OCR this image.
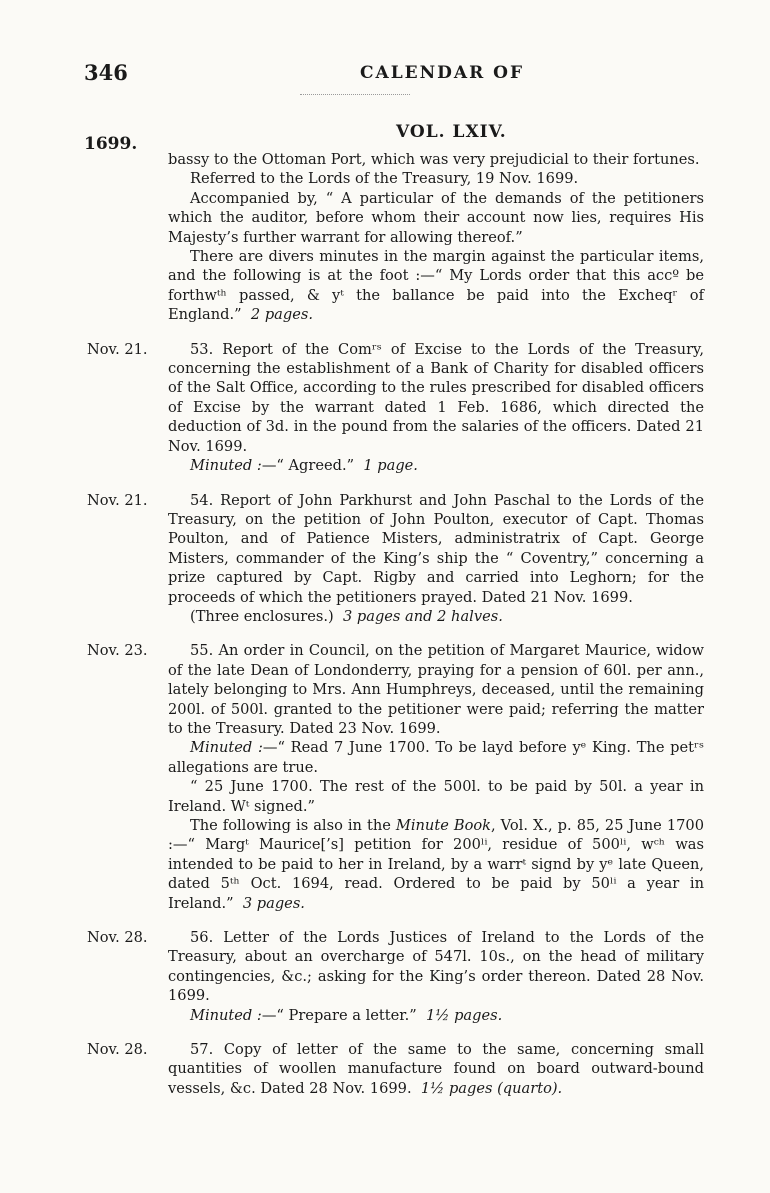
346	CALENDAR OF
VOL. LXIV.
1699.

bassy to the Ottoman Port, which was very prejudicial to their fortunes.

Referred to the Lords of the Treasury, 19 Nov. 1699.

Accompanied by, “ A particular of the demands of the petitioners which the auditor, before whom their account now lies, requires His Majesty’s further warrant for allowing thereof.”

There are divers minutes in the margin against the particular items, and the following is at the foot :—“ My Lords order that this accº be forthwᵗʰ passed, & yᵗ the ballance be paid into the Excheqʳ of England.” 2 pages.

Nov. 21.	53. Report of the Comʳˢ of Excise to the Lords of the Treasury, concerning the establishment of a Bank of Charity for disabled officers of the Salt Office, according to the rules prescribed for disabled officers of Excise by the warrant dated 1 Feb. 1686, which directed the deduction of 3d. in the pound from the salaries of the officers. Dated 21 Nov. 1699.

Minuted :—“ Agreed.” 1 page.

Nov. 21.	54. Report of John Parkhurst and John Paschal to the Lords of the Treasury, on the petition of John Poulton, executor of Capt. Thomas Poulton, and of Patience Misters, administratrix of Capt. George Misters, commander of the King’s ship the “ Coventry,” concerning a prize captured by Capt. Rigby and carried into Leghorn; for the proceeds of which the petitioners prayed. Dated 21 Nov. 1699.

(Three enclosures.) 3 pages and 2 halves.

Nov. 23.	55. An order in Council, on the petition of Margaret Maurice, widow of the late Dean of Londonderry, praying for a pension of 60l. per ann., lately belonging to Mrs. Ann Humphreys, deceased, until the remaining 200l. of 500l. granted to the petitioner were paid; referring the matter to the Treasury. Dated 23 Nov. 1699.

Minuted :—“ Read 7 June 1700. To be layd before yᵉ King. The petʳˢ allegations are true.

“ 25 June 1700. The rest of the 500l. to be paid by 50l. a year in Ireland. Wᵗ signed.”

The following is also in the Minute Book, Vol. X., p. 85, 25 June 1700 :—“ Margᵗ Maurice[’s] petition for 200ˡⁱ, residue of 500ˡⁱ, wᶜʰ was intended to be paid to her in Ireland, by a warrᵗ signd by yᵉ late Queen, dated 5ᵗʰ Oct. 1694, read. Ordered to be paid by 50ˡⁱ a year in Ireland.” 3 pages.

Nov. 28.	56. Letter of the Lords Justices of Ireland to the Lords of the Treasury, about an overcharge of 547l. 10s., on the head of military contingencies, &c.; asking for the King’s order thereon. Dated 28 Nov. 1699.

Minuted :—“ Prepare a letter.” 1½ pages.

Nov. 28.	57. Copy of letter of the same to the same, concerning small quantities of woollen manufacture found on board outward-bound vessels, &c. Dated 28 Nov. 1699. 1½ pages (quarto).
